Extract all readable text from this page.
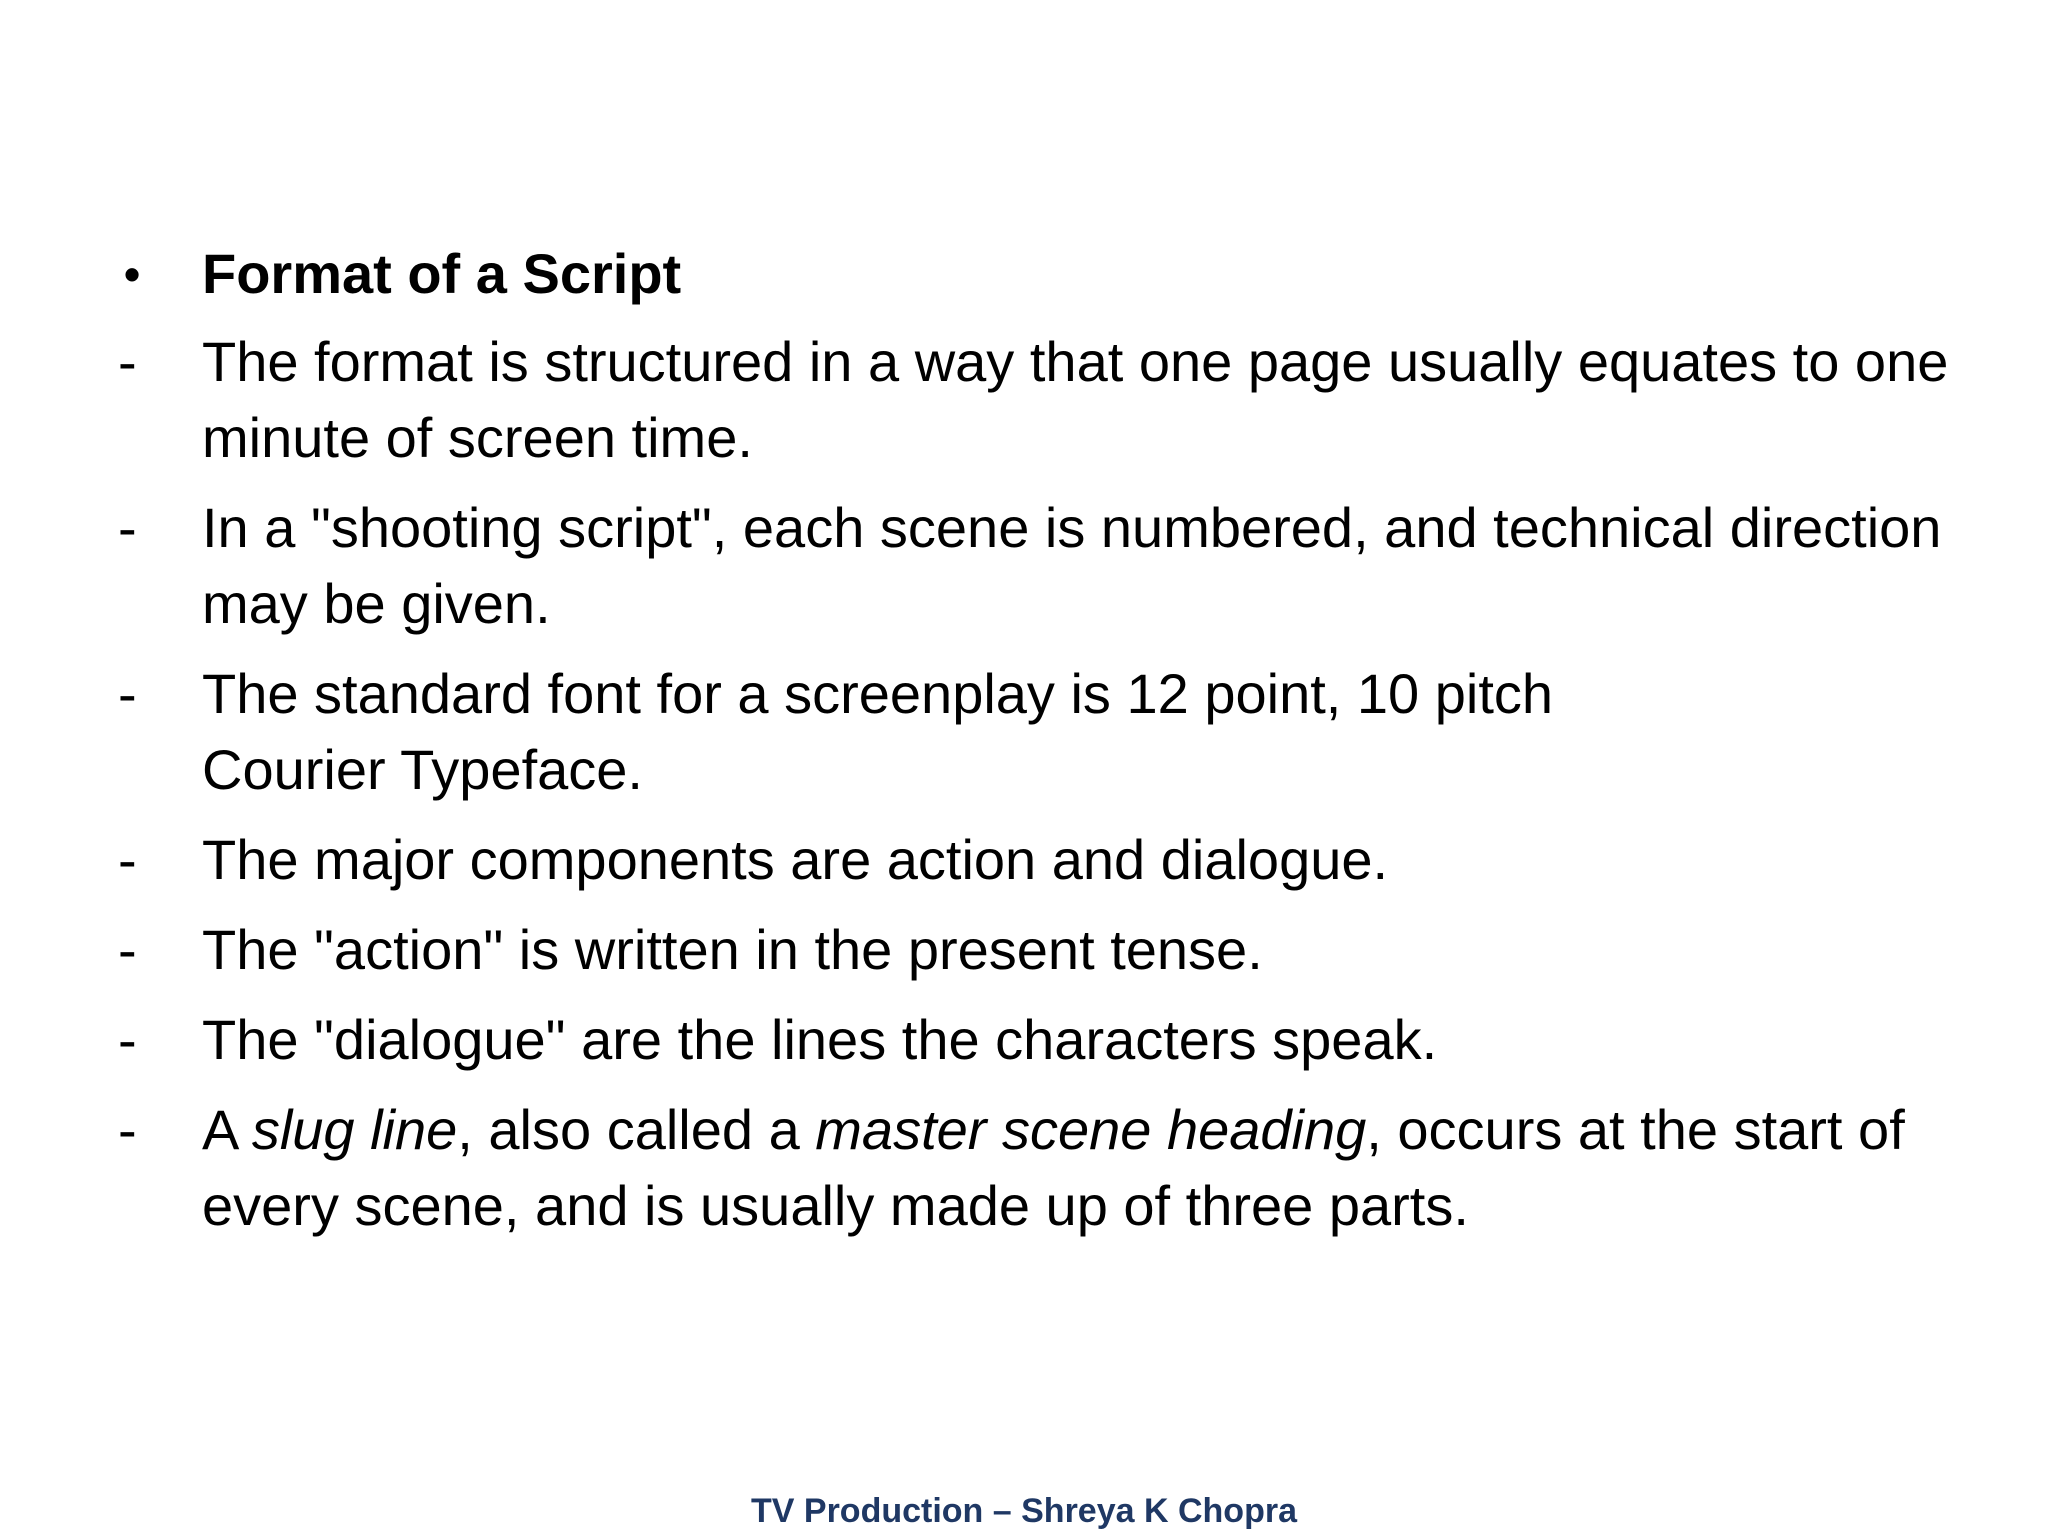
•	Format of a Script
-	The format is structured in a way that one page usually equates to one minute of screen time.
-	In a "shooting script", each scene is numbered, and technical direction may be given.
-	The standard font for a screenplay is 12 point, 10 pitch
Courier Typeface.
-	The major components are action and dialogue.
-	The "action" is written in the present tense.
-	The "dialogue" are the lines the characters speak.
-	A slug line, also called a master scene heading, occurs at the start of every scene, and is usually made up of three parts.
TV Production – Shreya K Chopra
